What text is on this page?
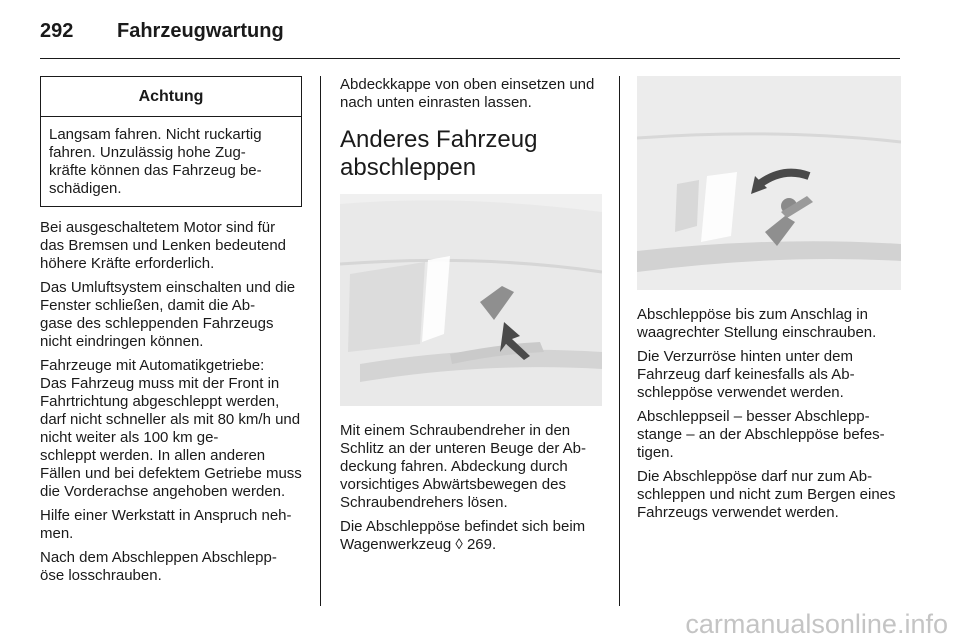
292 Fahrzeugwartung
Achtung
Langsam fahren. Nicht ruckartig
fahren. Unzulässig hohe Zug-
kräfte können das Fahrzeug be-
schädigen.

Bei ausgeschaltetem Motor sind für das Bremsen und Lenken bedeutend höhere Kräfte erforderlich.

Das Umluftsystem einschalten und die Fenster schließen, damit die Ab-
gase des schleppenden Fahrzeugs nicht eindringen können.

Fahrzeuge mit Automatikgetriebe:
Das Fahrzeug muss mit der Front in Fahrtrichtung abgeschleppt werden, darf nicht schneller als mit 80 km/h und nicht weiter als 100 km ge-
schleppt werden. In allen anderen Fällen und bei defektem Getriebe muss die Vorderachse angehoben werden.

Hilfe einer Werkstatt in Anspruch neh-
men.

Nach dem Abschleppen Abschlepp-
öse losschrauben.

Abdeckkappe von oben einsetzen und nach unten einrasten lassen.

Anderes Fahrzeug
abschleppen

Mit einem Schraubendreher in den Schlitz an der unteren Beuge der Ab- deckung fahren. Abdeckung durch vorsichtiges Abwärtsbewegen des Schraubendrehers lösen.

Die Abschleppöse befindet sich beim Wagenwerkzeug ◊ 269.

Abschleppöse bis zum Anschlag in waagrechter Stellung einschrauben.

Die Verzurröse hinten unter dem Fahrzeug darf keinesfalls als Ab-
schleppöse verwendet werden.

Abschleppseil – besser Abschlepp-
stange – an der Abschleppöse befes-
tigen.

Die Abschleppöse darf nur zum Ab-
schleppen und nicht zum Bergen eines Fahrzeugs verwendet werden.

carmanualsonline.info
